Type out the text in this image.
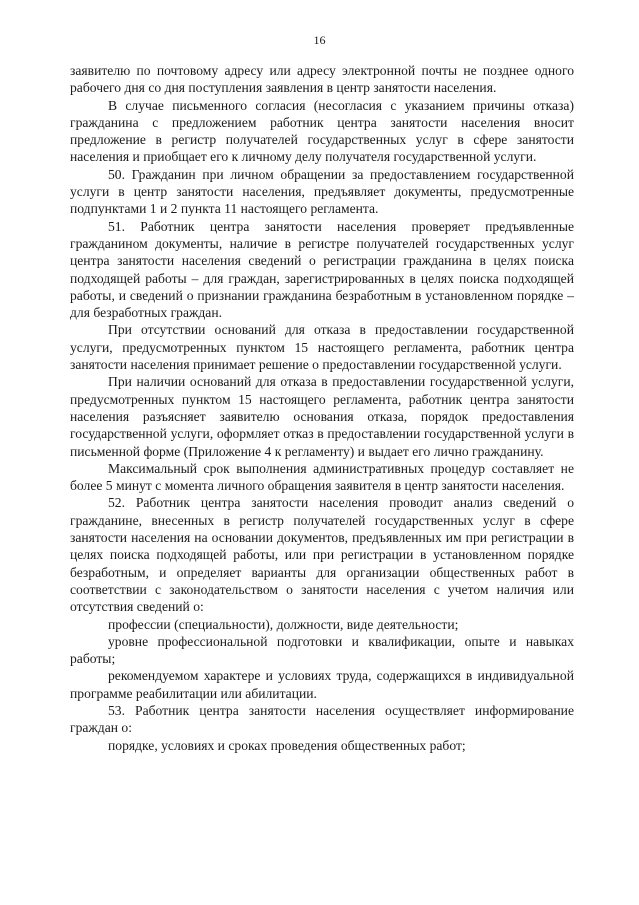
16

заявителю по почтовому адресу или адресу электронной почты не позднее одного рабочего дня со дня поступления заявления в центр занятости населения.

В случае письменного согласия (несогласия с указанием причины отказа) гражданина с предложением работник центра занятости населения вносит предложение в регистр получателей государственных услуг в сфере занятости населения и приобщает его к личному делу получателя государственной услуги.

50. Гражданин при личном обращении за предоставлением государственной услуги в центр занятости населения, предъявляет документы, предусмотренные подпунктами 1 и 2 пункта 11 настоящего регламента.

51. Работник центра занятости населения проверяет предъявленные гражданином документы, наличие в регистре получателей государственных услуг центра занятости населения сведений о регистрации гражданина в целях поиска подходящей работы – для граждан, зарегистрированных в целях поиска подходящей работы, и сведений о признании гражданина безработным в установленном порядке – для безработных граждан.

При отсутствии оснований для отказа в предоставлении государственной услуги, предусмотренных пунктом 15 настоящего регламента, работник центра занятости населения принимает решение о предоставлении государственной услуги.

При наличии оснований для отказа в предоставлении государственной услуги, предусмотренных пунктом 15 настоящего регламента, работник центра занятости населения разъясняет заявителю основания отказа, порядок предоставления государственной услуги, оформляет отказ в предоставлении государственной услуги в письменной форме (Приложение 4 к регламенту) и выдает его лично гражданину.

Максимальный срок выполнения административных процедур составляет не более 5 минут с момента личного обращения заявителя в центр занятости населения.

52. Работник центра занятости населения проводит анализ сведений о гражданине, внесенных в регистр получателей государственных услуг в сфере занятости населения на основании документов, предъявленных им при регистрации в целях поиска подходящей работы, или при регистрации в установленном порядке безработным, и определяет варианты для организации общественных работ в соответствии с законодательством о занятости населения с учетом наличия или отсутствия сведений о:

профессии (специальности), должности, виде деятельности;

уровне профессиональной подготовки и квалификации, опыте и навыках работы;

рекомендуемом характере и условиях труда, содержащихся в индивидуальной программе реабилитации или абилитации.

53. Работник центра занятости населения осуществляет информирование граждан о:

порядке, условиях и сроках проведения общественных работ;
